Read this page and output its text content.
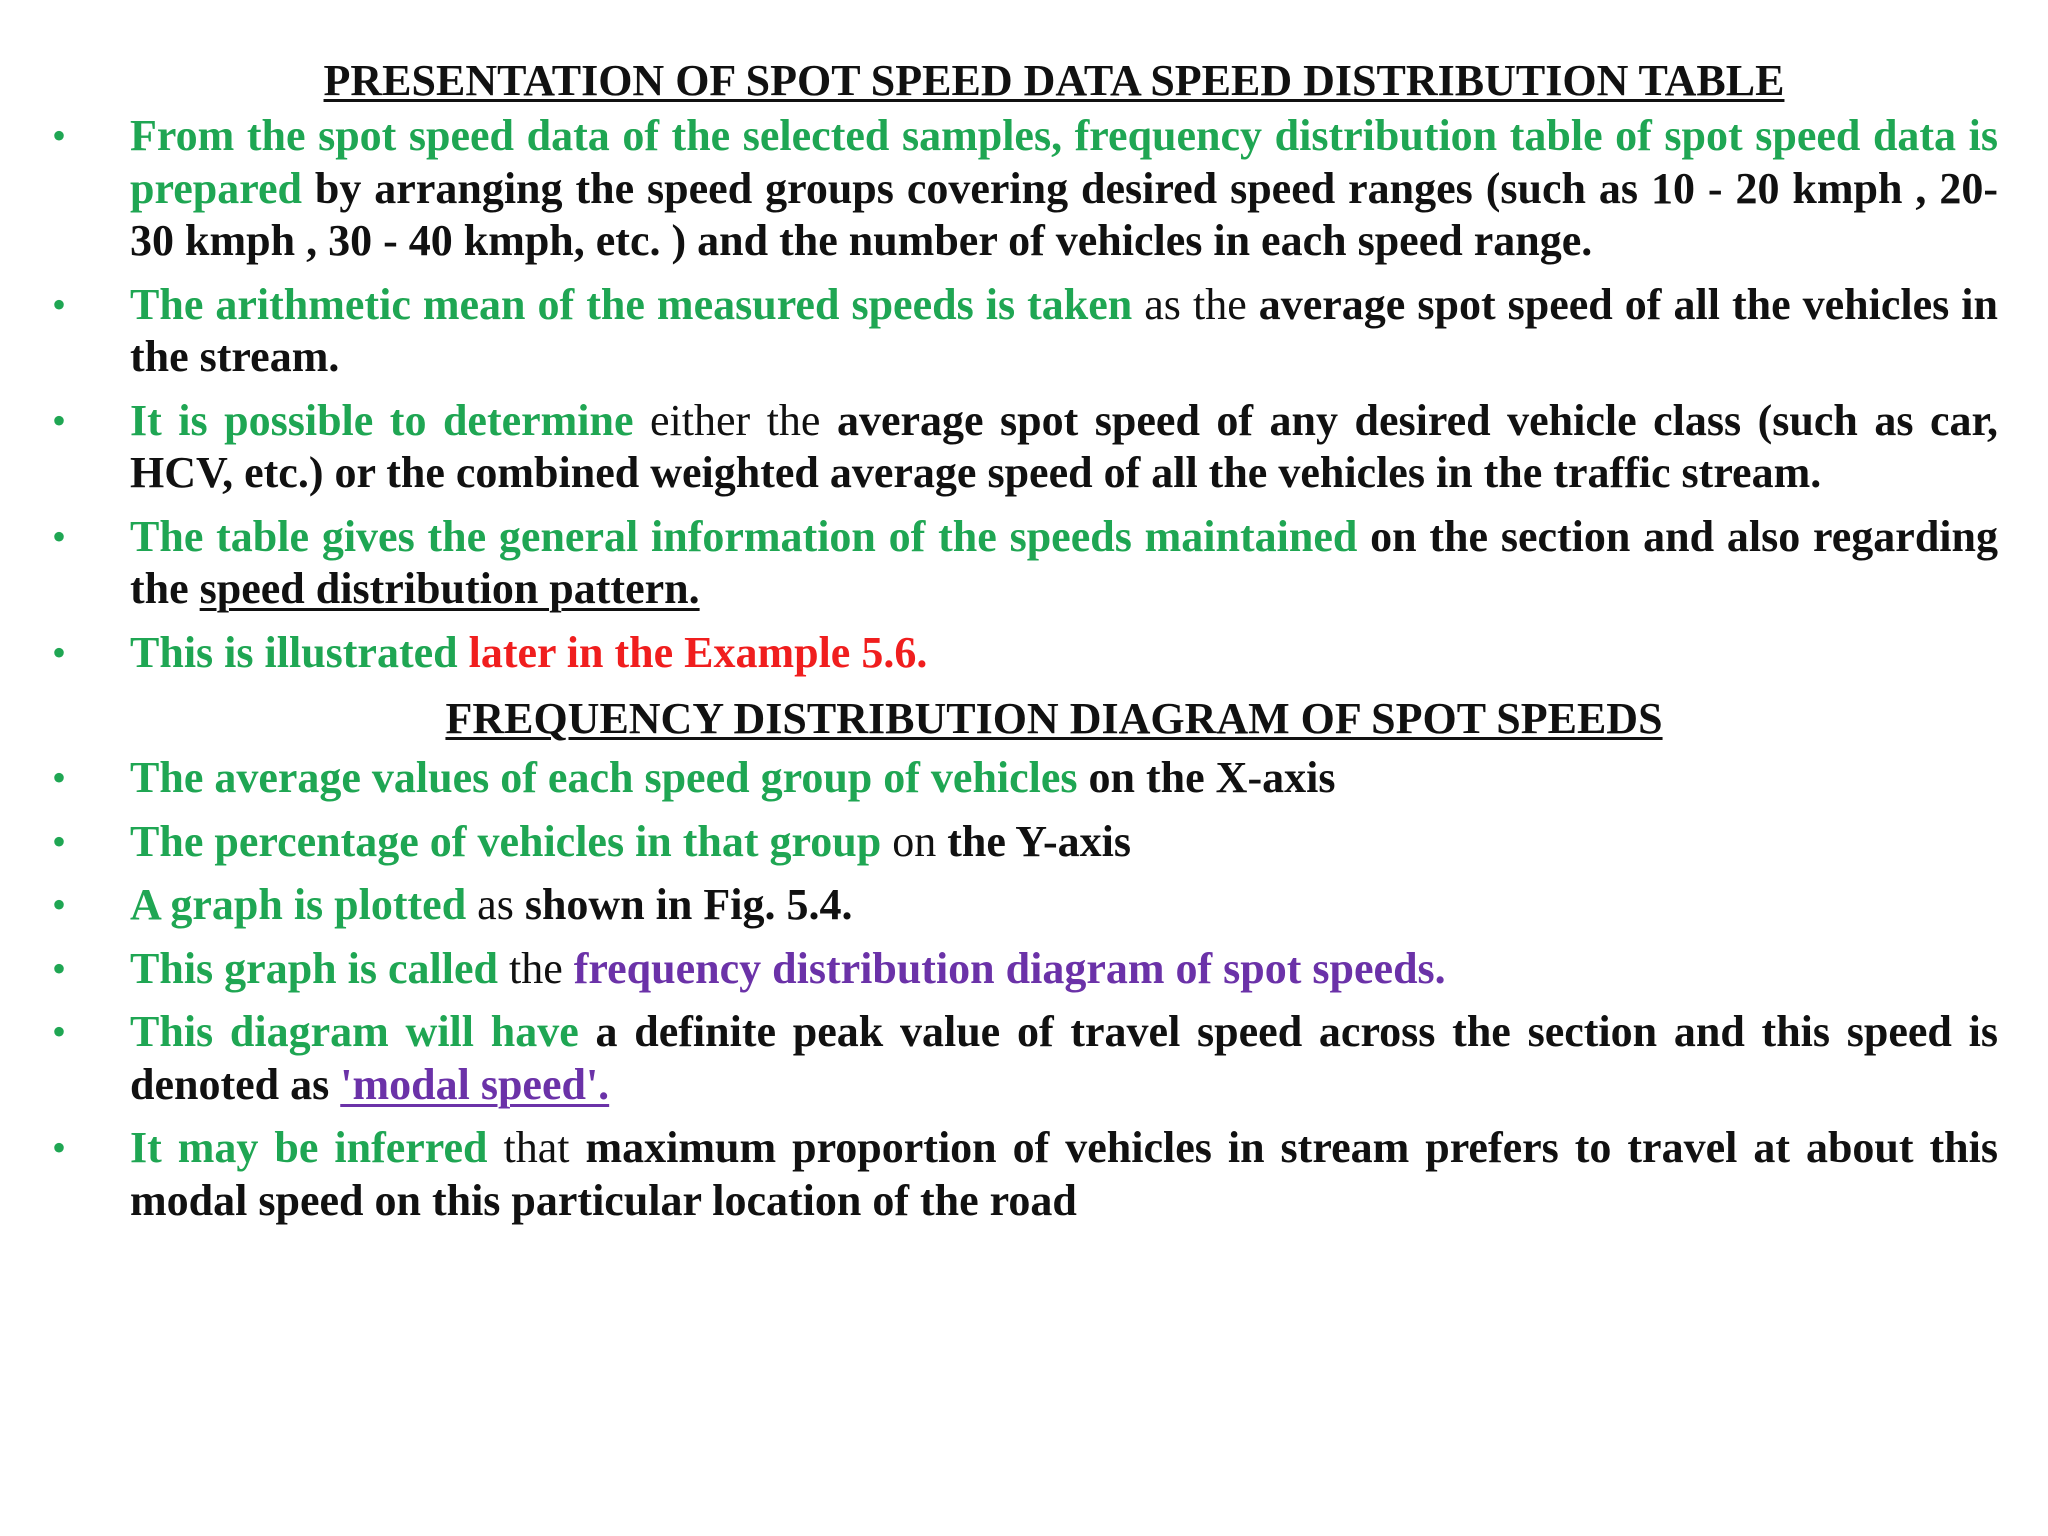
PRESENTATION OF SPOT SPEED DATA SPEED DISTRIBUTION TABLE
• From the spot speed data of the selected samples, frequency distribution table of spot speed data is prepared by arranging the speed groups covering desired speed ranges (such as 10 - 20 kmph , 20-30 kmph , 30 - 40 kmph, etc. ) and the number of vehicles in each speed range.
• The arithmetic mean of the measured speeds is taken as the average spot speed of all the vehicles in the stream.
• It is possible to determine either the average spot speed of any desired vehicle class (such as car, HCV, etc.) or the combined weighted average speed of all the vehicles in the traffic stream.
• The table gives the general information of the speeds maintained on the section and also regarding the speed distribution pattern.
• This is illustrated later in the Example 5.6.
FREQUENCY DISTRIBUTION DIAGRAM OF SPOT SPEEDS
• The average values of each speed group of vehicles on the X-axis
• The percentage of vehicles in that group on the Y-axis
• A graph is plotted as shown in Fig. 5.4.
• This graph is called the frequency distribution diagram of spot speeds.
• This diagram will have a definite peak value of travel speed across the section and this speed is denoted as 'modal speed'.
• It may be inferred that maximum proportion of vehicles in stream prefers to travel at about this modal speed on this particular location of the road
